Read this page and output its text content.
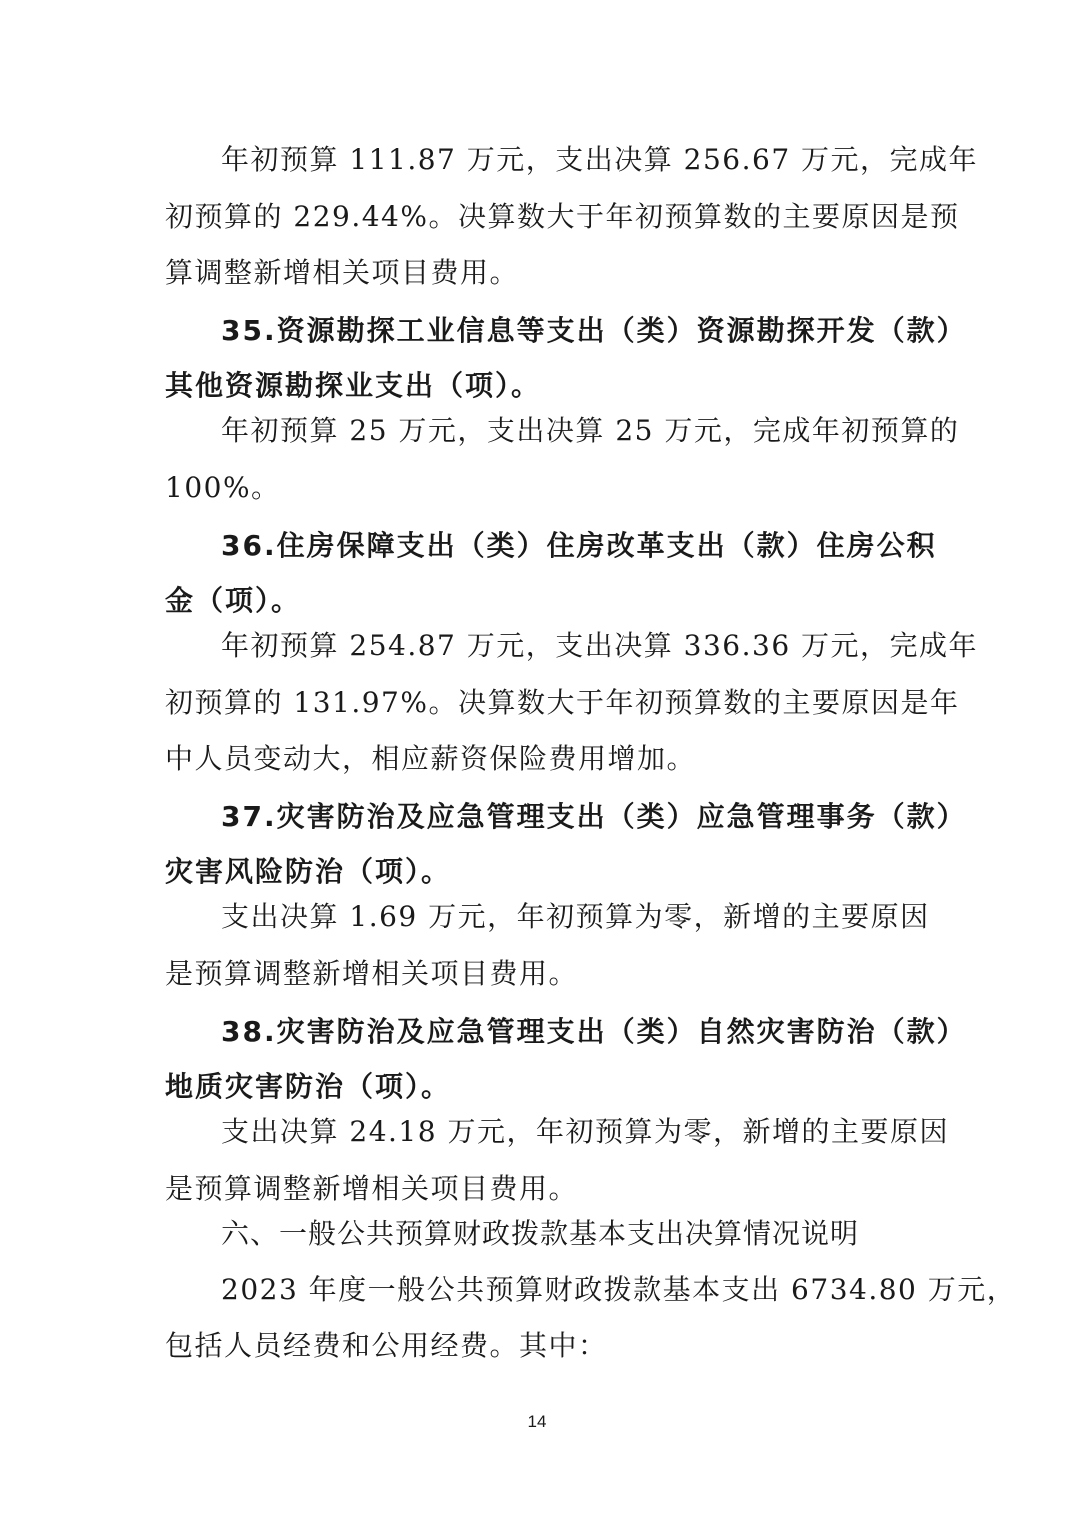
年初预算 111.87 万元，支出决算 256.67 万元，完成年
初预算的 229.44%。决算数大于年初预算数的主要原因是预
算调整新增相关项目费用。
35.资源勘探工业信息等支出（类）资源勘探开发（款）
其他资源勘探业支出（项）。
年初预算 25 万元，支出决算 25 万元，完成年初预算的
100%。
36.住房保障支出（类）住房改革支出（款）住房公积
金（项）。
年初预算 254.87 万元，支出决算 336.36 万元，完成年
初预算的 131.97%。决算数大于年初预算数的主要原因是年
中人员变动大，相应薪资保险费用增加。
37.灾害防治及应急管理支出（类）应急管理事务（款）
灾害风险防治（项）。
支出决算 1.69 万元，年初预算为零，新增的主要原因
是预算调整新增相关项目费用。
38.灾害防治及应急管理支出（类）自然灾害防治（款）
地质灾害防治（项）。
支出决算 24.18 万元，年初预算为零，新增的主要原因
是预算调整新增相关项目费用。
六、一般公共预算财政拨款基本支出决算情况说明
2023 年度一般公共预算财政拨款基本支出 6734.80 万元，
包括人员经费和公用经费。其中：
14
